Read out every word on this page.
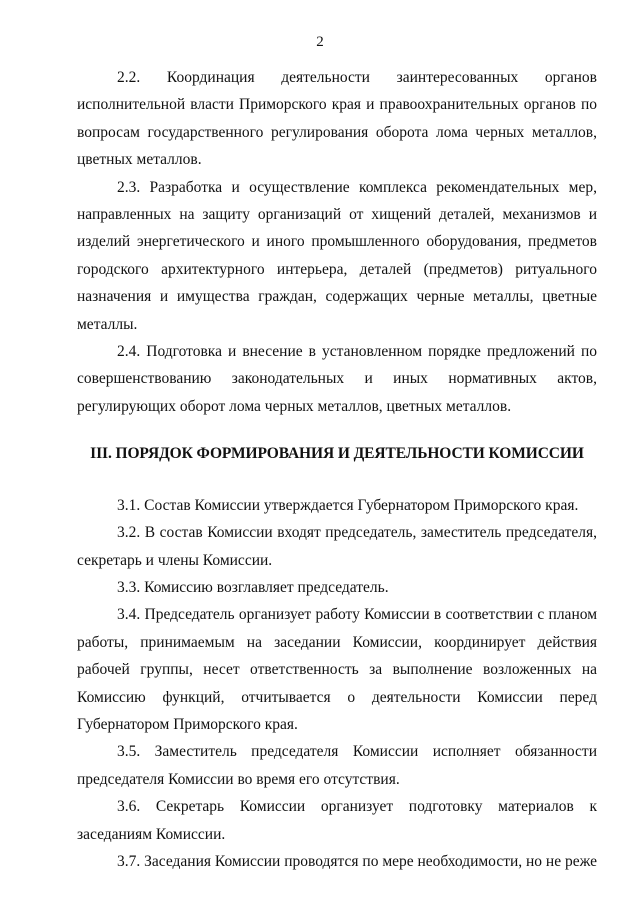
2

2.2. Координация деятельности заинтересованных органов исполнительной власти Приморского края и правоохранительных органов по вопросам государственного регулирования оборота лома черных металлов, цветных металлов.

2.3. Разработка и осуществление комплекса рекомендательных мер, направленных на защиту организаций от хищений деталей, механизмов и изделий энергетического и иного промышленного оборудования, предметов городского архитектурного интерьера, деталей (предметов) ритуального назначения и имущества граждан, содержащих черные металлы, цветные металлы.

2.4. Подготовка и внесение в установленном порядке предложений по совершенствованию законодательных и иных нормативных актов, регулирующих оборот лома черных металлов, цветных металлов.

III. ПОРЯДОК ФОРМИРОВАНИЯ И ДЕЯТЕЛЬНОСТИ КОМИССИИ

3.1. Состав Комиссии утверждается Губернатором Приморского края.

3.2. В состав Комиссии входят председатель, заместитель председателя, секретарь и члены Комиссии.

3.3. Комиссию возглавляет председатель.

3.4. Председатель организует работу Комиссии в соответствии с планом работы, принимаемым на заседании Комиссии, координирует действия рабочей группы, несет ответственность за выполнение возложенных на Комиссию функций, отчитывается о деятельности Комиссии перед Губернатором Приморского края.

3.5. Заместитель председателя Комиссии исполняет обязанности председателя Комиссии во время его отсутствия.

3.6. Секретарь Комиссии организует подготовку материалов к заседаниям Комиссии.

3.7. Заседания Комиссии проводятся по мере необходимости, но не реже
